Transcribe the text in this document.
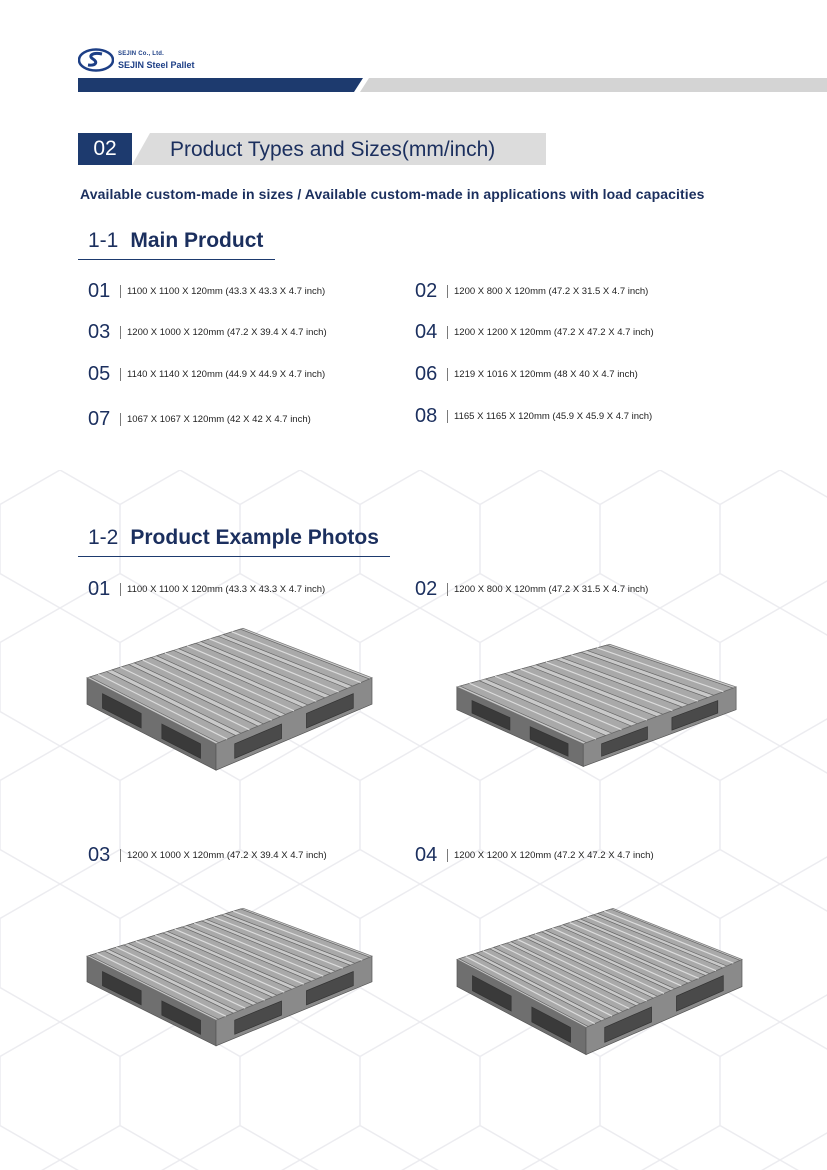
SEJIN Co., Ltd.
SEJIN Steel Pallet
02	Product Types and Sizes(mm/inch)
Available custom-made in sizes / Available custom-made in applications with load capacities
1-1 Main Product
01	1100 X 1100 X 120mm (43.3 X 43.3 X 4.7 inch)	02	1200 X 800 X 120mm (47.2 X 31.5 X 4.7 inch)
03	1200 X 1000 X 120mm (47.2 X 39.4 X 4.7 inch)	04	1200 X 1200 X 120mm (47.2 X 47.2 X 4.7 inch)
05	1140 X 1140 X 120mm (44.9 X 44.9 X 4.7 inch)	06	1219 X 1016 X 120mm (48 X 40 X 4.7 inch)
07	1067 X 1067 X 120mm (42 X 42 X 4.7 inch)	08	1165 X 1165 X 120mm (45.9 X 45.9 X 4.7 inch)
1-2 Product Example Photos
01	1100 X 1100 X 120mm (43.3 X 43.3 X 4.7 inch)	02	1200 X 800 X 120mm (47.2 X 31.5 X 4.7 inch)
03	1200 X 1000 X 120mm (47.2 X 39.4 X 4.7 inch)	04	1200 X 1200 X 120mm (47.2 X 47.2 X 4.7 inch)
